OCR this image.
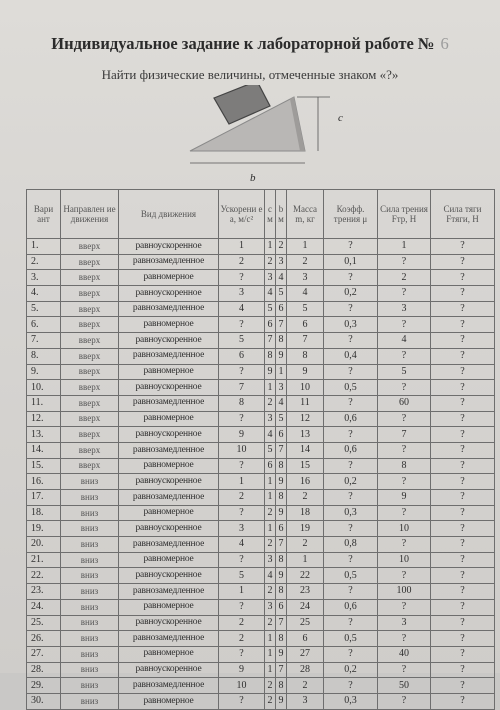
Индивидуальное задание к лабораторной работе № 6
Найти физические величины, отмеченные знаком «?»
c
b
Вари ант	Направлен ие движения	Вид движения	Ускорени е а, м/с²	с м	b м	Масса m, кг	Коэфф. трения μ	Сила трения Fтр, Н	Сила тяги Fтяги, Н
1.	вверх	равноускоренное	1	1	2	1	?	1	?
2.	вверх	равнозамедленное	2	2	3	2	0,1	?	?
3.	вверх	равномерное	?	3	4	3	?	2	?
4.	вверх	равноускоренное	3	4	5	4	0,2	?	?
5.	вверх	равнозамедленное	4	5	6	5	?	3	?
6.	вверх	равномерное	?	6	7	6	0,3	?	?
7.	вверх	равноускоренное	5	7	8	7	?	4	?
8.	вверх	равнозамедленное	6	8	9	8	0,4	?	?
9.	вверх	равномерное	?	9	1	9	?	5	?
10.	вверх	равноускоренное	7	1	3	10	0,5	?	?
11.	вверх	равнозамедленное	8	2	4	11	?	60	?
12.	вверх	равномерное	?	3	5	12	0,6	?	?
13.	вверх	равноускоренное	9	4	6	13	?	7	?
14.	вверх	равнозамедленное	10	5	7	14	0,6	?	?
15.	вверх	равномерное	?	6	8	15	?	8	?
16.	вниз	равноускоренное	1	1	9	16	0,2	?	?
17.	вниз	равнозамедленное	2	1	8	2	?	9	?
18.	вниз	равномерное	?	2	9	18	0,3	?	?
19.	вниз	равноускоренное	3	1	6	19	?	10	?
20.	вниз	равнозамедленное	4	2	7	2	0,8	?	?
21.	вниз	равномерное	?	3	8	1	?	10	?
22.	вниз	равноускоренное	5	4	9	22	0,5	?	?
23.	вниз	равнозамедленное	1	2	8	23	?	100	?
24.	вниз	равномерное	?	3	6	24	0,6	?	?
25.	вниз	равноускоренное	2	2	7	25	?	3	?
26.	вниз	равнозамедленное	2	1	8	6	0,5	?	?
27.	вниз	равномерное	?	1	9	27	?	40	?
28.	вниз	равноускоренное	9	1	7	28	0,2	?	?
29.	вниз	равнозамедленное	10	2	8	2	?	50	?
30.	вниз	равномерное	?	2	9	3	0,3	?	?
